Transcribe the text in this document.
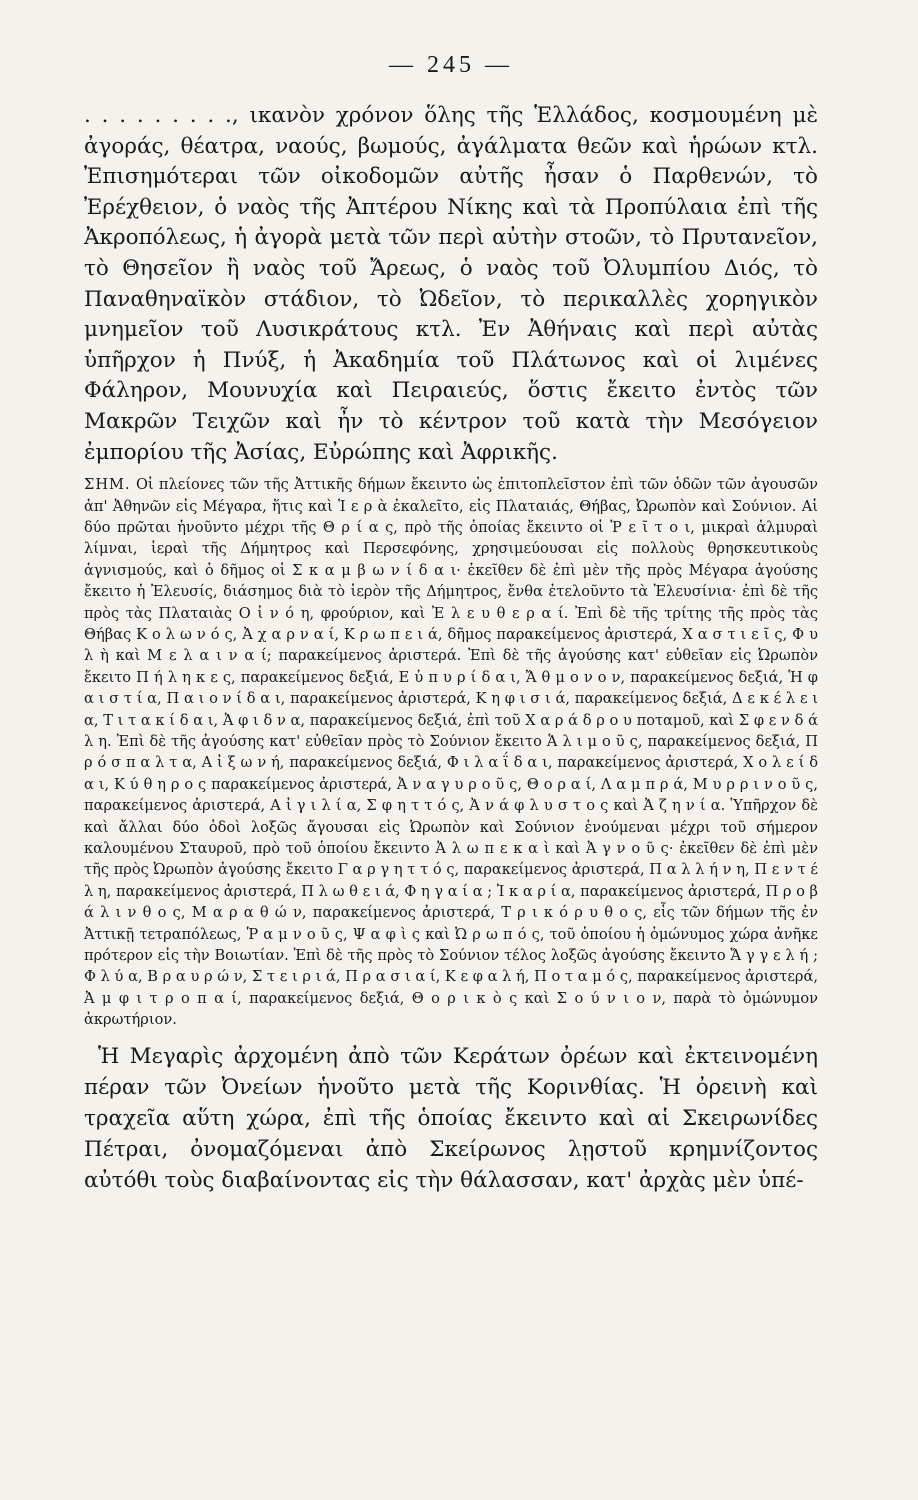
— 245 —

. . . . . . . . ., ικανὸν χρόνον ὅλης τῆς Ἑλλάδος, κοσμουμένη μὲ ἀγοράς, θέατρα, ναούς, βωμούς, ἀγάλματα θεῶν καὶ ἡρώων κτλ. Ἐπισημότεραι τῶν οἰκοδομῶν αὐτῆς ἦσαν ὁ Παρθενών, τὸ Ἐρέχθειον, ὁ ναὸς τῆς Ἀπτέρου Νίκης καὶ τὰ Προπύλαια ἐπὶ τῆς Ἀκροπόλεως, ἡ ἀγορὰ μετὰ τῶν περὶ αὐτὴν στοῶν, τὸ Πρυτανεῖον, τὸ Θησεῖον ἢ ναὸς τοῦ Ἄρεως, ὁ ναὸς τοῦ Ὀλυμπίου Διός, τὸ Παναθηναϊκὸν στάδιον, τὸ Ὠδεῖον, τὸ περικαλλὲς χορηγικὸν μνημεῖον τοῦ Λυσικράτους κτλ. Ἐν Ἀθήναις καὶ περὶ αὐτὰς ὑπῆρχον ἡ Πνύξ, ἡ Ἀκαδημία τοῦ Πλάτωνος καὶ οἱ λιμένες Φάληρον, Μουνυχία καὶ Πειραιεύς, ὅστις ἔκειτο ἐντὸς τῶν Μακρῶν Τειχῶν καὶ ἦν τὸ κέντρον τοῦ κατὰ τὴν Μεσόγειον ἐμπορίου τῆς Ἀσίας, Εὐρώπης καὶ Ἀφρικῆς.

ΣΗΜ. Οἱ πλείονες τῶν τῆς Ἀττικῆς δήμων ἔκειντο ὡς ἐπιτοπλεῖστον ἐπὶ τῶν ὁδῶν τῶν ἀγουσῶν ἀπ' Ἀθηνῶν εἰς Μέγαρα, ἥτις καὶ Ἱ ε ρ ὰ ἐκαλεῖτο, εἰς Πλαταιάς, Θήβας, Ὠρωπὸν καὶ Σούνιον. Αἱ δύο πρῶται ἡνοῦντο μέχρι τῆς Θ ρ ί α ς, πρὸ τῆς ὁποίας ἔκειντο οἱ Ῥ ε ῖ τ ο ι, μικραὶ ἁλμυραὶ λίμναι, ἱεραὶ τῆς Δήμητρος καὶ Περσεφόνης, χρησιμεύουσαι εἰς πολλοὺς θρησκευτικοὺς ἁγνισμούς, καὶ ὁ δῆμος οἱ Σ κ α μ β ω ν ί δ α ι· ἐκεῖθεν δὲ ἐπὶ μὲν τῆς πρὸς Μέγαρα ἀγούσης ἔκειτο ἡ Ἐλευσίς, διάσημος διὰ τὸ ἱερὸν τῆς Δήμητρος, ἔνθα ἐτελοῦντο τὰ Ἐλευσίνια· ἐπὶ δὲ τῆς πρὸς τὰς Πλαταιὰς Ο ἰ ν ό η, φρούριον, καὶ Ἐ λ ε υ θ ε ρ α ί. Ἐπὶ δὲ τῆς τρίτης τῆς πρὸς τὰς Θήβας Κ ο λ ω ν ό ς, Ἀ χ α ρ ν α ί, Κ ρ ω π ε ι ά, δῆμος παρακείμενος ἀριστερά, Χ α σ τ ι ε ῖ ς, Φ υ λ ὴ καὶ Μ ε λ α ι ν α ί; παρακείμενος ἀριστερά. Ἐπὶ δὲ τῆς ἀγούσης κατ' εὐθεῖαν εἰς Ὠρωπὸν ἔκειτο Π ή λ η κ ε ς, παρακείμενος δεξιά, Ε ὐ π υ ρ ί δ α ι, Ἄ θ μ ο ν ο ν, παρακείμενος δεξιά, Ἡ φ α ι σ τ ί α, Π α ι ο ν ί δ α ι, παρακείμενος ἀριστερά, Κ η φ ι σ ι ά, παρακείμενος δεξιά, Δ ε κ έ λ ε ι α, Τ ι τ α κ ί δ α ι, Ἀ φ ι δ ν α, παρακείμενος δεξιά, ἐπὶ τοῦ Χ α ρ ά δ ρ ο υ ποταμοῦ, καὶ Σ φ ε ν δ ά λ η. Ἐπὶ δὲ τῆς ἀγούσης κατ' εὐθεῖαν πρὸς τὸ Σούνιον ἔκειτο Ἁ λ ι μ ο ῦ ς, παρακείμενος δεξιά, Π ρ ό σ π α λ τ α, Α ἰ ξ ω ν ή, παρακείμενος δεξιά, Φ ι λ α ΐ δ α ι, παρακείμενος ἀριστερά, Χ ο λ ε ί δ α ι, Κ ύ θ η ρ ο ς παρακείμενος ἀριστερά, Ἀ ν α γ υ ρ ο ῦ ς, Θ ο ρ α ί, Λ α μ π ρ ά, Μ υ ρ ρ ι ν ο ῦ ς, παρακείμενος ἀριστερά, Α ἰ γ ι λ ί α, Σ φ η τ τ ό ς, Ἀ ν ά φ λ υ σ τ ο ς καὶ Ἀ ζ η ν ί α. Ὑπῆρχον δὲ καὶ ἄλλαι δύο ὁδοὶ λοξῶς ἄγουσαι εἰς Ὠρωπὸν καὶ Σούνιον ἑνούμεναι μέχρι τοῦ σήμερον καλουμένου Σταυροῦ, πρὸ τοῦ ὁποίου ἔκειντο Ἀ λ ω π ε κ α ὶ καὶ Ἀ γ ν ο ῦ ς· ἐκεῖθεν δὲ ἐπὶ μὲν τῆς πρὸς Ὠρωπὸν ἀγούσης ἔκειτο Γ α ρ γ η τ τ ό ς, παρακείμενος ἀριστερά, Π α λ λ ή ν η, Π ε ν τ έ λ η, παρακείμενος ἀριστερά, Π λ ω θ ε ι ά, Φ η γ α ί α ; Ἰ κ α ρ ί α, παρακείμενος ἀριστερά, Π ρ ο β ά λ ι ν θ ο ς, Μ α ρ α θ ώ ν, παρακείμενος ἀριστερά, Τ ρ ι κ ό ρ υ θ ο ς, εἷς τῶν δήμων τῆς ἐν Ἀττικῇ τετραπόλεως, Ῥ α μ ν ο ῦ ς, Ψ α φ ὶ ς καὶ Ὠ ρ ω π ό ς, τοῦ ὁποίου ἡ ὁμώνυμος χώρα ἀνῆκε πρότερον εἰς τὴν Βοιωτίαν. Ἐπὶ δὲ τῆς πρὸς τὸ Σούνιον τέλος λοξῶς ἀγούσης ἔκειντο Ἄ γ γ ε λ ή ; Φ λ ύ α, Β ρ α υ ρ ώ ν, Σ τ ε ι ρ ι ά, Π ρ α σ ι α ί, Κ ε φ α λ ή, Π ο τ α μ ό ς, παρακείμενος ἀριστερά, Ἀ μ φ ι τ ρ ο π α ί, παρακείμενος δεξιά, Θ ο ρ ι κ ὸ ς καὶ Σ ο ύ ν ι ο ν, παρὰ τὸ ὁμώνυμον ἀκρωτήριον.

Ἡ Μεγαρὶς ἀρχομένη ἀπὸ τῶν Κεράτων ὀρέων καὶ ἐκτεινομένη πέραν τῶν Ὀνείων ἡνοῦτο μετὰ τῆς Κορινθίας. Ἡ ὀρεινὴ καὶ τραχεῖα αὕτη χώρα, ἐπὶ τῆς ὁποίας ἔκειντο καὶ αἱ Σκειρωνίδες Πέτραι, ὀνομαζόμεναι ἀπὸ Σκείρωνος λῃστοῦ κρημνίζοντος αὐτόθι τοὺς διαβαίνοντας εἰς τὴν θάλασσαν, κατ' ἀρχὰς μὲν ὑπέ-
